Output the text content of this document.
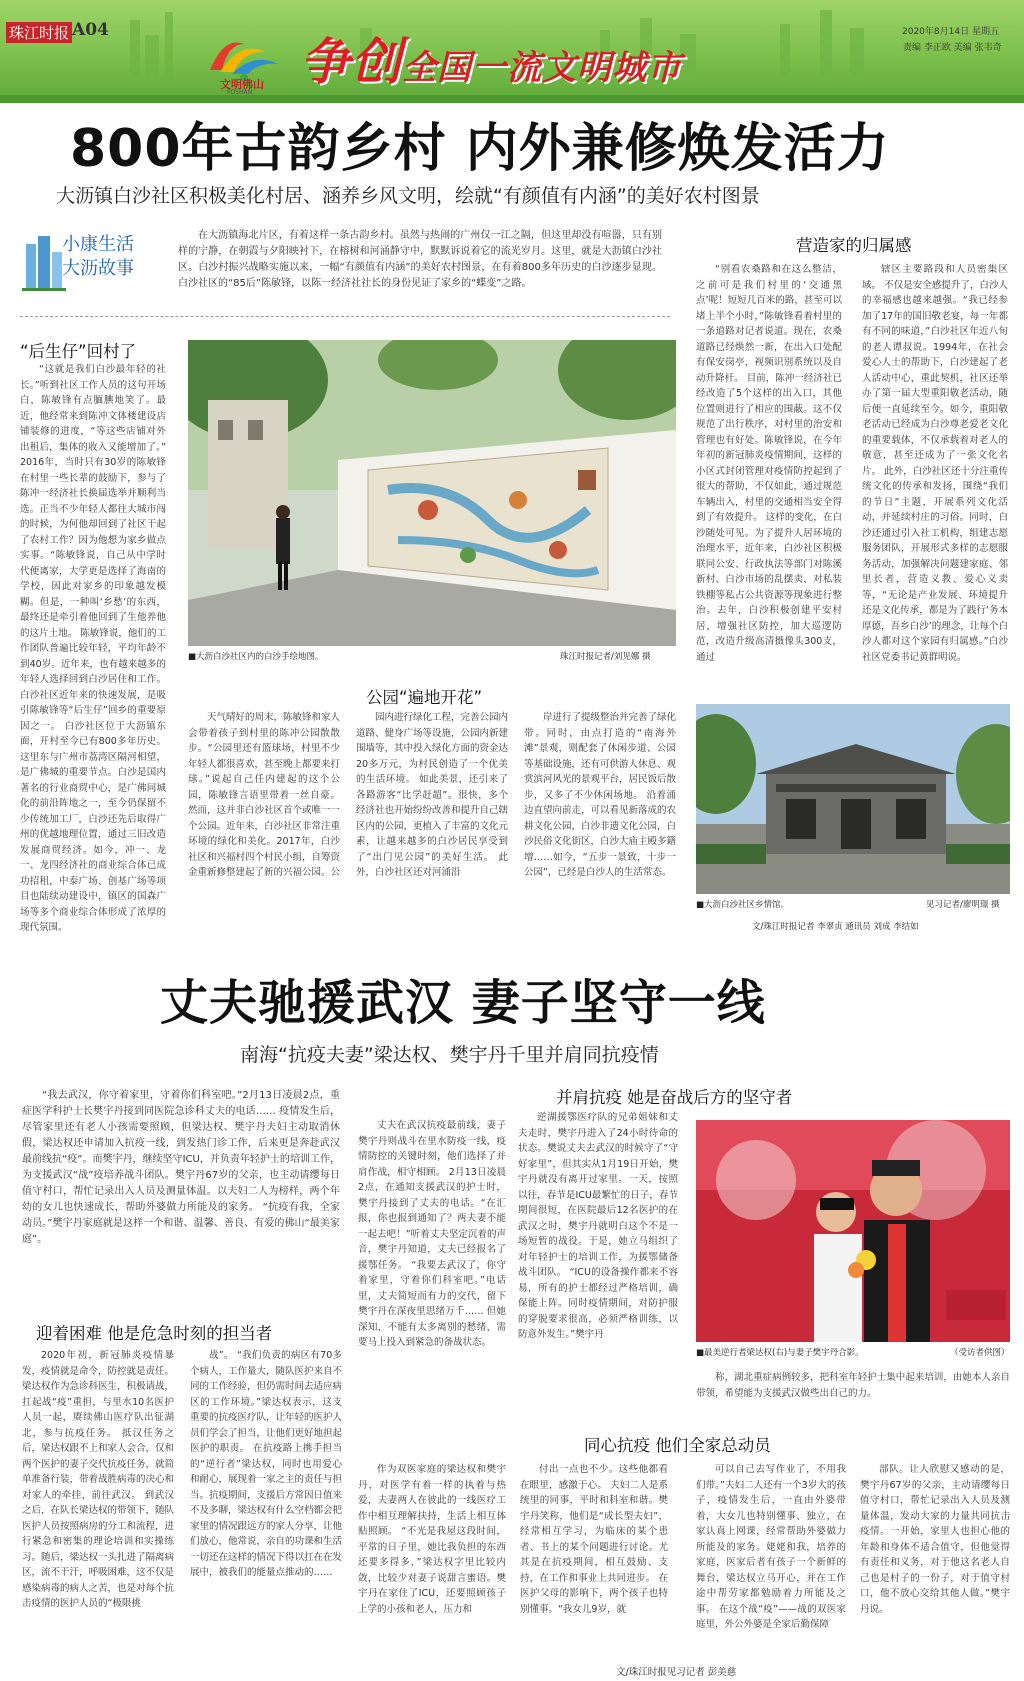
珠江时报 A04
文明佛山
FOSHAN
争创全国一流文明城市
2020年8月14日 星期五
责编 李正欧 美编 张韦奇
800年古韵乡村 内外兼修焕发活力
大沥镇白沙社区积极美化村居、涵养乡风文明，绘就“有颜值有内涵”的美好农村图景
小康生活
大沥故事

在大沥镇海北片区，有着这样一条古韵乡村。虽然与热闹的广州仅一江之隔，但这里却没有喧嚣，只有别样的宁静，在朝霞与夕阳映衬下，在榕树和河涌静守中，默默诉说着它的流光岁月。这里，就是大沥镇白沙社区。白沙村振兴战略实施以来，一幅“有颜值有内涵”的美好农村图景，在有着800多年历史的白沙逐步显现。白沙社区的“85后”陈敏锋，以陈一经济社社长的身份见证了家乡的“蝶变”之路。

“后生仔”回村了

“这就是我们白沙最年轻的社长。”听到社区工作人员的这句开场白，陈敏锋有点腼腆地笑了。最近，他经常来到陈冲文体楼建设店铺装修的进度，“等这些店铺对外出租后，集体的收入又能增加了。” 2016年，当时只有30岁的陈敏锋在村里一些长辈的鼓励下，参与了陈冲一经济社长换届选举并顺利当选。正当不少年轻人都往大城市闯的时候，为何他却回到了社区干起了农村工作？因为他想为家乡做点实事。“陈敏锋说，自己从中学时代便离家，大学更是选择了海南的学校，因此对家乡的印象越发模糊。但是，一种叫‘乡愁’的东西，最终还是牵引着他回到了生他养他的这片土地。 陈敏锋说，他们的工作团队普遍比较年轻，平均年龄不到40岁。近年来，也有越来越多的年轻人选择回到白沙居住和工作。白沙社区近年来的快速发展，是吸引陈敏锋等“后生仔”回乡的重要原因之一。 白沙社区位于大沥镇东面，开村至今已有800多年历史。这里东与广州市荔湾区隔河相望，是广佛城的重要节点。白沙是国内著名的行业商贸中心，是广佛同城化的前沿阵地之一，至今仍保留不少传统加工厂，白沙还先后取得广州的优越地理位置，通过三旧改造发展商贸经济。如今，冲一、龙一、龙四经济社的商业综合体已成功招租，中泰广场、创基广场等项目也陆续动建设中，镇区的国森广场等多个商业综合体形成了浓厚的现代氛围。

■大沥白沙社区内的白沙手绘地图。	珠江时报记者/刘见娜 摄
公园“遍地开花”

天气晴好的周末，陈敏锋和家人会带着孩子到村里的陈冲公园散散步。“公园里还有篮球场，村里不少年轻人都很喜欢，甚至晚上都要来打球。”说起自己任内建起的这个公园，陈敏锋言语里带着一丝自豪。 然而，这并非白沙社区首个或唯一一个公园。近年来，白沙社区非常注重环境的绿化和美化。2017年，白沙社区和兴福村四个村民小组，自筹资金重新修整建起了新的兴福公园。公

园内进行绿化工程，完善公园内道路、健身广场等设施，公园内新建围墙等，其中投入绿化方面的资金达20多万元，为村民创造了一个优美的生活环境。 如此美景，还引来了各路游客“比学赶超”。很快，多个经济社也开始纷纷改善和提升自己辖区内的公园，更植入了丰富的文化元素，让越来越多的白沙居民享受到了“出门见公园”的美好生活。 此外，白沙社区还对河涌沿

岸进行了提级整治并完善了绿化带。同时，由点打造的“南海外滩”景观，则配套了休闲步道、公园等基础设施，还有可供游人休息、观赏滨河风光的景观平台，居民饭后散步，又多了不少休闲场地。 沿着涌边直望向前走，可以看见新落成的农耕文化公园，白沙非遗文化公园，白沙民俗文化街区，白沙大庙主殿多籍增……如今，“五步一景致，十步一公园”，已经是白沙人的生活常态。

营造家的归属感

“别看农桑路和在这么整洁，之前可是我们村里的‘交通黑点’呢！短短几百米的路，甚至可以堵上半个小时，”陈敏锋看着村里的一条道路对记者说道。现在，农桑道路已经焕然一新，在出入口处配有保安岗亭，视频识别系统以及自动升降杆。 目前，陈冲一经济社已经改造了5个这样的出入口，其他位置则进行了相应的围蔽。这不仅规范了出行秩序，对村里的治安和管理也有好处。陈敏锋说，在今年年初的新冠肺炎疫情期间，这样的小区式封闭管理对疫情防控起到了很大的帮助，不仅如此，通过规范车辆出入，村里的交通相当安全得到了有效提升。 这样的变化，在白沙随处可见。为了提升人居环境的治理水平，近年来，白沙社区积极联同公安、行政执法等部门对陈溪新村、白沙市场的乱摆卖、对私装铁棚等私占公共资源等现象进行整治。去年，白沙积极创建平安村居，增强社区防控，加大巡逻防范，改造升级高清摄像头300支，通过

辖区主要路段和人员密集区域。 不仅是安全感提升了，白沙人的幸福感也越来越强。“我已经参加了17年的国旧敬老宴，每一年都有不同的味道，”白沙社区年近八旬的老人谭叔说。1994年，在社会爱心人士的帮助下，白沙建起了老人活动中心，重此契机，社区还举办了第一届大型重阳敬老活动，随后便一直延续至今。如今，重阳敬老活动已经成为白沙尊老爱老文化的重要载体，不仅承载着对老人的敬意，甚至还成为了一张文化名片。 此外，白沙社区还十分注重传统文化的传承和发扬，围绕“我们的节日”主题，开展系列文化活动，并延续村庄的习俗。同时，白沙还通过引入社工机构，组建志愿服务团队，开展形式多样的志愿服务活动，加强解决问题建家庭、邻里长者，营造义教、爱心义卖等，“无论是产业发展、环境提升还是文化传承，都是为了践行‘务本厚德，吾乡白沙’的理念，让每个白沙人都对这个家园有归属感。”白沙社区党委书记黄群明说。

■大沥白沙社区乡情馆。	见习记者/廖明璟 摄
文/珠江时报记者 李翠贞 通讯员 刘成 李结如
丈夫驰援武汉 妻子坚守一线
南海“抗疫夫妻”梁达权、樊宇丹千里并肩同抗疫情

“我去武汉，你守着家里，守着你们科室吧。”2月13日凌晨2点，重症医学科护士长樊宇丹接到同医院急诊科丈夫的电话…… 疫情发生后，尽管家里还有老人小孩需要照顾，但梁达权、樊宇丹夫妇主动取消休假，梁达权还申请加入抗疫一线，到发热门诊工作，后来更是奔赴武汉最前线抗“疫”。而樊宇丹，继续坚守ICU，并负责年轻护士的培训工作，为支援武汉“战”疫培养战斗团队。樊宇丹67岁的父亲，也主动请缨每日值守村口，帮忙记录出入人员及测量体温。以夫妇二人为榜样，两个年幼的女儿也快速成长，帮助外婆做力所能及的家务。 “抗疫有我，全家动员。”樊宇丹家庭就是这样一个和谐、温馨、善良、有爱的佛山“最美家庭”。

迎着困难 他是危急时刻的担当者

2020年初，新冠肺炎疫情暴发，疫情就是命令，防控就是责任。梁达权作为急诊科医生，积极请战，扛起战“疫”重担，与里水10名医护人员一起，赓续佛山医疗队出征湖北，参与抗疫任务。 抵汉任务之后，梁达权跟不上和家人会合，仅和两个医护的妻子交代抗疫任务，就简单准备行装，带着战胜病毒的决心和对家人的牵挂，前往武汉。 到武汉之后，在队长梁达权的带领下，随队医护人员按照病房的分工和流程，进行紧急和密集的理论培训和实操练习。随后，梁达权一头扎进了隔离病区，流不干汗，呼吸困难，这不仅是感染病毒的病人之苦，也是对每个抗击疫情的医护人员的“极限挑

战”。 “我们负责的病区有70多个病人，工作量大，随队医护来自不同的工作经验，但仍需时间去适应病区的工作环境。”梁达权表示，这支重要的抗疫医疗队，让年轻的医护人员们学会了担当，让他们更好地担起医护的职责。 在抗疫路上携手担当的“逆行者”梁达权，同时也用爱心和耐心，展现着一家之主的责任与担当。抗疫期间，支援后方常因日值来不及多聊，梁达权有什么空档都会把家里的情况跟远方的家人分享，让他们放心，他常说，亲自的功课和生活一切还在这样的情况下得以扛在在发展中，被我们的能量点推动的……

并肩抗疫 她是奋战后方的坚守者

丈夫在武汉抗疫最前线，妻子樊宇丹则战斗在里水防疫一线，疫情防控的关键时刻，他们选择了并肩作战，相守相顾。 2月13日凌晨2点，在通知支援武汉的护士时，樊宇丹接到了丈夫的电话。“在汇报，你也报到通知了？两夫妻不能一起去吧！”听着丈夫坚定沉着的声音，樊宇丹知道，丈夫已经报名了援鄂任务。 “我要去武汉了，你守着家里，守着你们科室吧。”电话里，丈夫简短而有力的交代，留下樊宇丹在深夜里思绪万千…… 但她深知，不能有太多离别的愁绪，需要马上投入到紧急的备战状态。

逆湖援鄂医疗队的兄弟姐妹和丈夫走时，樊宇丹进入了24小时待命的状态。樊说丈夫去武汉的时候守了“守好家里”，但其实从1月19日开始，樊宇丹就没有离开过家里。一天，按照以往，春节是ICU最繁忙的日子，春节期间很短，在医院最后12名医护的在武汉之时，樊宇丹就明白这个不是一场短暂的战役。于是，她立马组织了对年轻护士的培训工作，为援鄂储备战斗团队。 “ICU的设备操作都来不容易，所有的护士都经过严格培训，确保能上阵。同时疫情期间，对防护服的穿脱要求很高，必须严格训练，以防意外发生。”樊宇丹

■最美逆行者梁达权(右)与妻子樊宇丹合影。	（受访者供图）

称，湖北重症病例较多，把科室年轻护士集中起来培训，由她本人亲自带领，希望能为支援武汉做些出自己的力。

同心抗疫 他们全家总动员

作为双医家庭的梁达权和樊宇丹，对医学有着一样的执着与热爱，夫妻两人在彼此的一线医疗工作中相互理解扶持，生活上相互体贴照顾。 “不光是我屋这段时间，平常的日子里，她比我负担的东西还要多得多，”梁达权字里比较内敛，比较少对妻子说甜言蜜语。樊宇丹在家住了ICU，还要照顾孩子上学的小孩和老人，压力和

付出一点也不少。这些他都看在眼里，感激于心。 夫妇二人是系统里的同事，平时和科室和谐。樊宇丹笑称，他们是“成长型夫妇”，经常相互学习，为临床的某个患者、书上的某个问题进行讨论。尤其是在抗疫期间，相互鼓励、支持，在工作和事业上共同进步。 在医护父母的影响下，两个孩子也特别懂事。“我女儿9岁，就

可以自己去写作业了，不用我们带。”夫妇二人还有一个3岁大的孩子，疫情发生后，一直由外婆带着，大女儿也特别懂事、独立，在家认真上网课，经常帮助外婆做力所能及的家务。姥姥和我，培养的家庭，医家后者有孩子一个新鲜的舞台，梁达权立马开心，并在工作途中帮劳家都勉励着力所能及之事。 在这个战“疫”——战的双医家庭里，外公外婆是全家后勤保障

部队。让人欣慰又感动的是，樊宇丹67岁的父亲，主动请缨每日值守村口，帮忙记录出入人员及测量体温，发动大家的力量共同抗击疫情。一开始，家里人也担心他的年龄和身体不适合值守，但他觉得有责任和义务，对于他这名老人自己也是村子的一份子，对于值守村口，他不放心交给其他人做。”樊宇丹说。

文/珠江时报见习记者 彭美慈
